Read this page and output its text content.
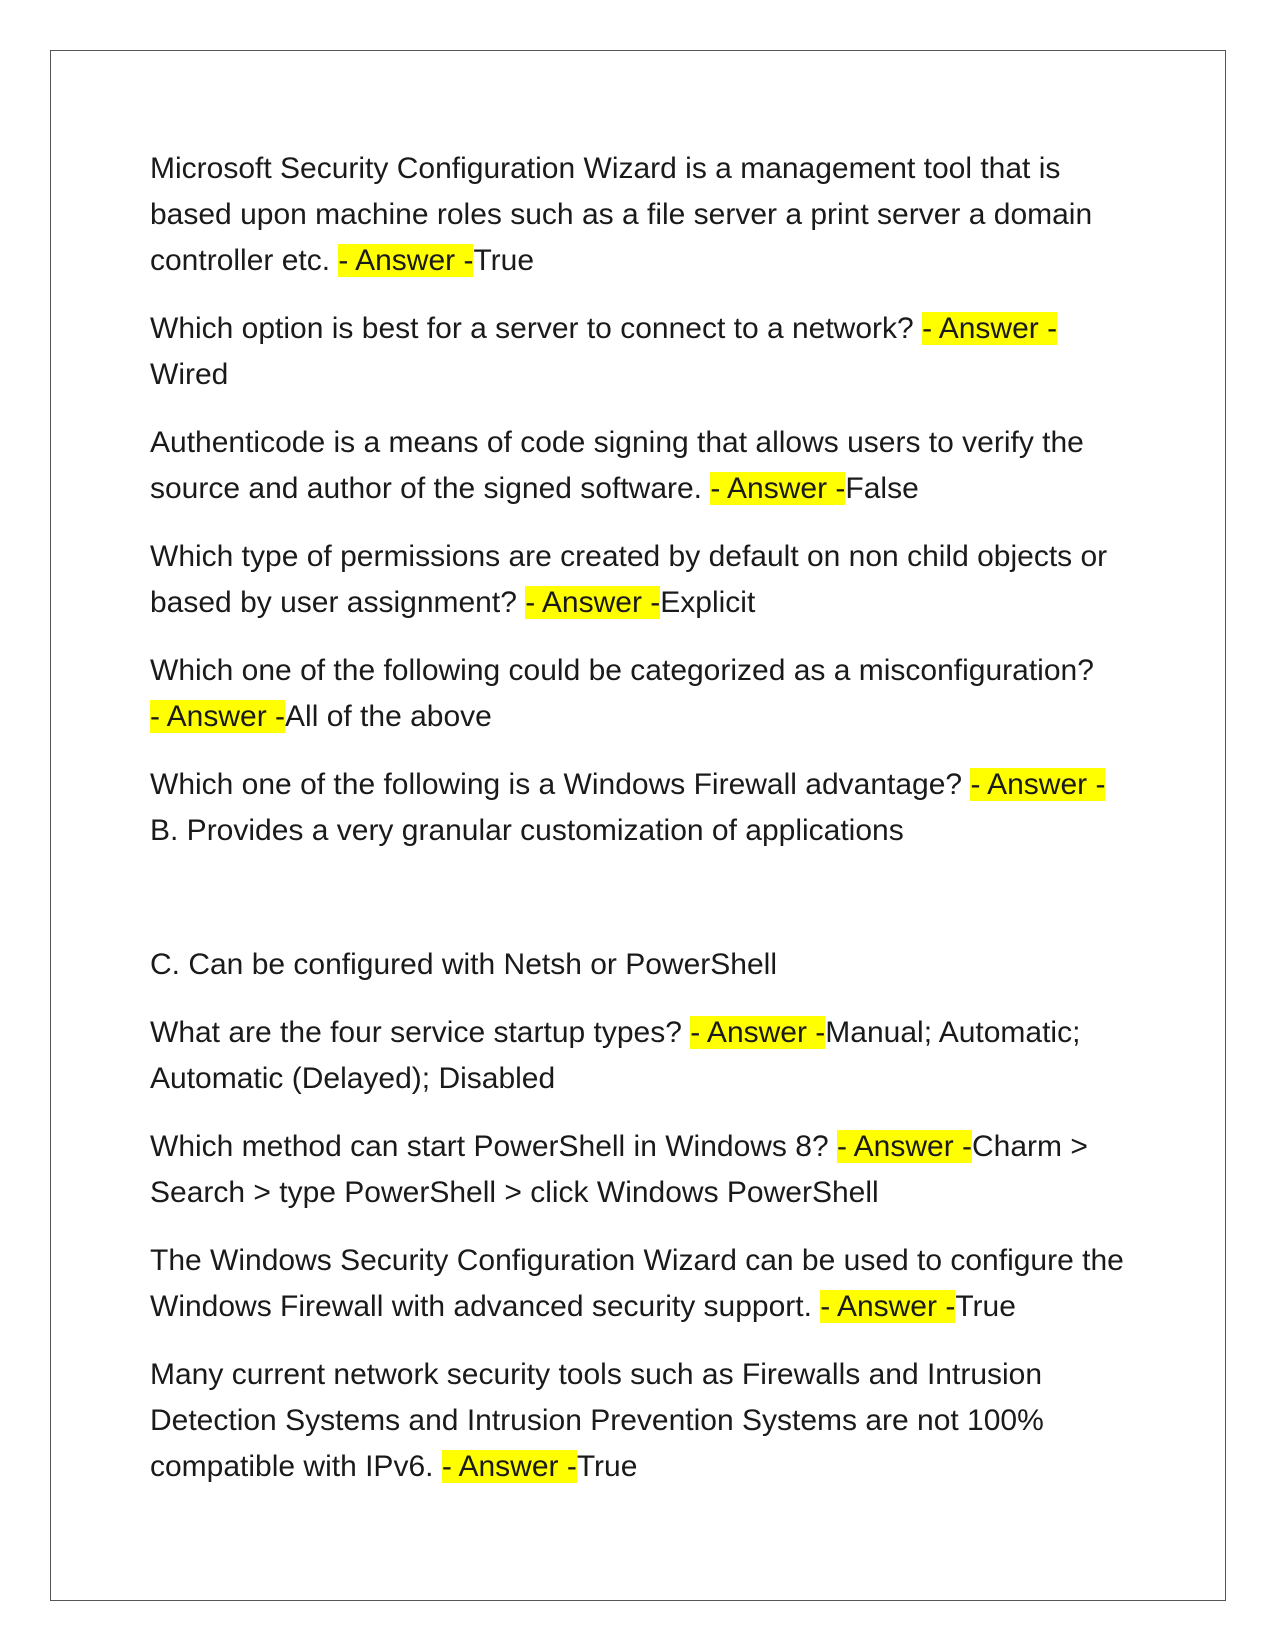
Microsoft Security Configuration Wizard is a management tool that is based upon machine roles such as a file server a print server a domain controller etc. - Answer -True

Which option is best for a server to connect to a network? - Answer -
Wired

Authenticode is a means of code signing that allows users to verify the source and author of the signed software. - Answer -False

Which type of permissions are created by default on non child objects or based by user assignment? - Answer -Explicit

Which one of the following could be categorized as a misconfiguration?
- Answer -All of the above

Which one of the following is a Windows Firewall advantage? - Answer -
B. Provides a very granular customization of applications

C. Can be configured with Netsh or PowerShell

What are the four service startup types? - Answer -Manual; Automatic; Automatic (Delayed); Disabled

Which method can start PowerShell in Windows 8? - Answer -Charm > Search > type PowerShell > click Windows PowerShell

The Windows Security Configuration Wizard can be used to configure the Windows Firewall with advanced security support. - Answer -True

Many current network security tools such as Firewalls and Intrusion Detection Systems and Intrusion Prevention Systems are not 100% compatible with IPv6. - Answer -True
